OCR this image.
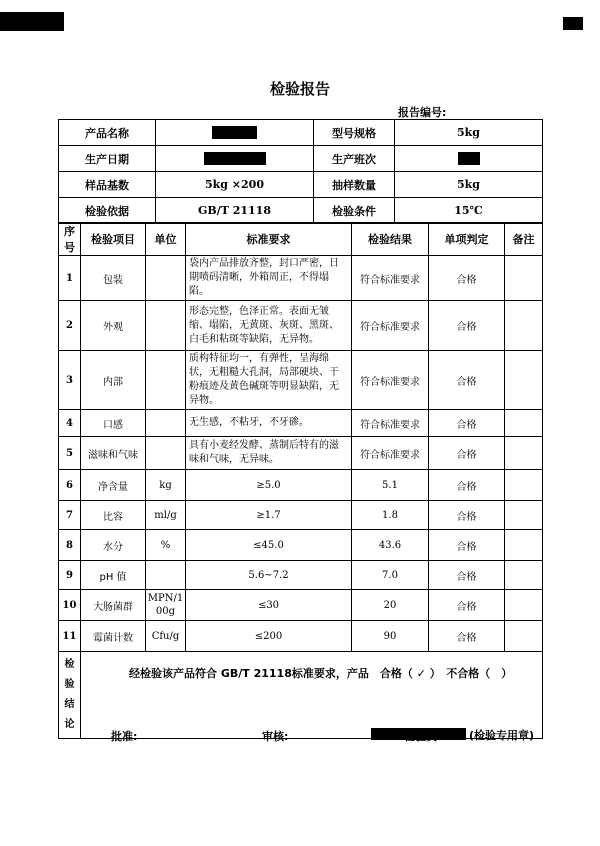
检验报告
报告编号:
产品名称		型号规格	5kg
生产日期		生产班次	

样品基数	5kg ×200	抽样数量	5kg
检验依据	GB/T 21118	检验条件	15℃
序号	检验项目	单位	标准要求	检验结果	单项判定	备注
1	包装		袋内产品排放齐整，封口严密，日期喷码清晰，外箱周正，不得塌陷。	符合标准要求	合格	
2	外观		形态完整，色泽正常。表面无皱缩、塌陷，无黄斑、灰斑、黑斑、白毛和粘斑等缺陷，无异物。	符合标准要求	合格	
3	内部		质构特征均一，有弹性，呈海绵状，无粗糙大孔洞，局部硬块、干粉痕迹及黄色碱斑等明显缺陷，无异物。	符合标准要求	合格	
4	口感		无生感，不粘牙，不牙碜。	符合标准要求	合格	
5	滋味和气味		具有小麦经发酵、蒸制后特有的滋味和气味，无异味。	符合标准要求	合格	
6	净含量	kg	≥5.0	5.1	合格	
7	比容	ml/g	≥1.7	1.8	合格	
8	水分	%	≤45.0	43.6	合格	
9	pH 值		5.6~7.2	7.0	合格	
10	大肠菌群	MPN/100g	≤30	20	合格	
11	霉菌计数	Cfu/g	≤200	90	合格	

检验结论	经检验该产品符合 GB/T 21118标准要求，产品　合格（ ✓ ）　不合格（　）
(检验专用章)					
批准:	审核:	检验员:
